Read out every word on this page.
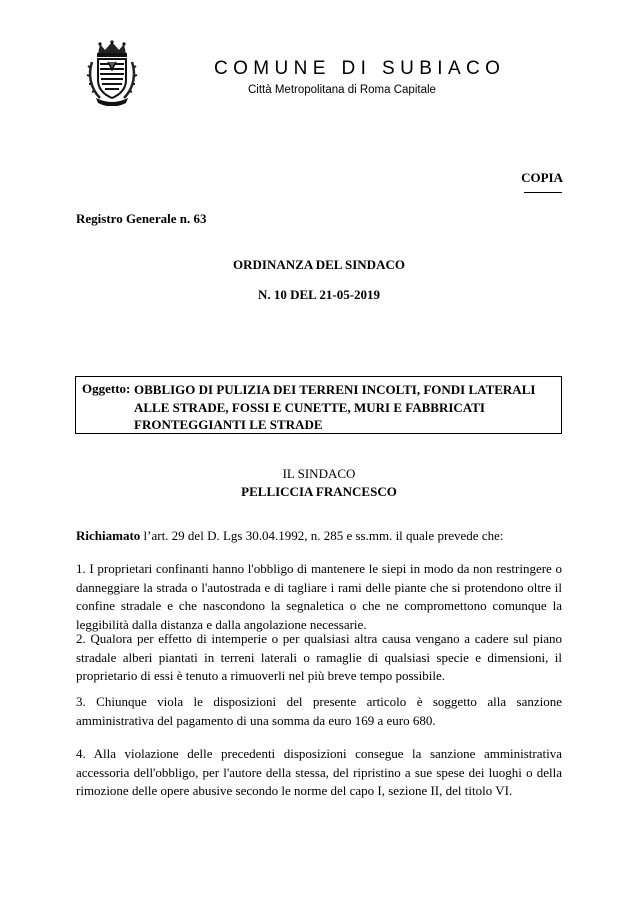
COMUNE DI SUBIACO
Città Metropolitana di Roma Capitale
COPIA
Registro Generale n. 63
ORDINANZA DEL SINDACO
N. 10 DEL 21-05-2019
Oggetto: OBBLIGO DI PULIZIA DEI TERRENI INCOLTI, FONDI LATERALI ALLE STRADE, FOSSI E CUNETTE, MURI E FABBRICATI FRONTEGGIANTI LE STRADE
IL SINDACO
PELLICCIA FRANCESCO
Richiamato l’art. 29 del D. Lgs 30.04.1992, n. 285 e ss.mm. il quale prevede che:
1. I proprietari confinanti hanno l'obbligo di mantenere le siepi in modo da non restringere o danneggiare la strada o l'autostrada e di tagliare i rami delle piante che si protendono oltre il confine stradale e che nascondono la segnaletica o che ne compromettono comunque la leggibilità dalla distanza e dalla angolazione necessarie.
2. Qualora per effetto di intemperie o per qualsiasi altra causa vengano a cadere sul piano stradale alberi piantati in terreni laterali o ramaglie di qualsiasi specie e dimensioni, il proprietario di essi è tenuto a rimuoverli nel più breve tempo possibile.
3. Chiunque viola le disposizioni del presente articolo è soggetto alla sanzione amministrativa del pagamento di una somma da euro 169 a euro 680.
4. Alla violazione delle precedenti disposizioni consegue la sanzione amministrativa accessoria dell'obbligo, per l'autore della stessa, del ripristino a sue spese dei luoghi o della rimozione delle opere abusive secondo le norme del capo I, sezione II, del titolo VI.
